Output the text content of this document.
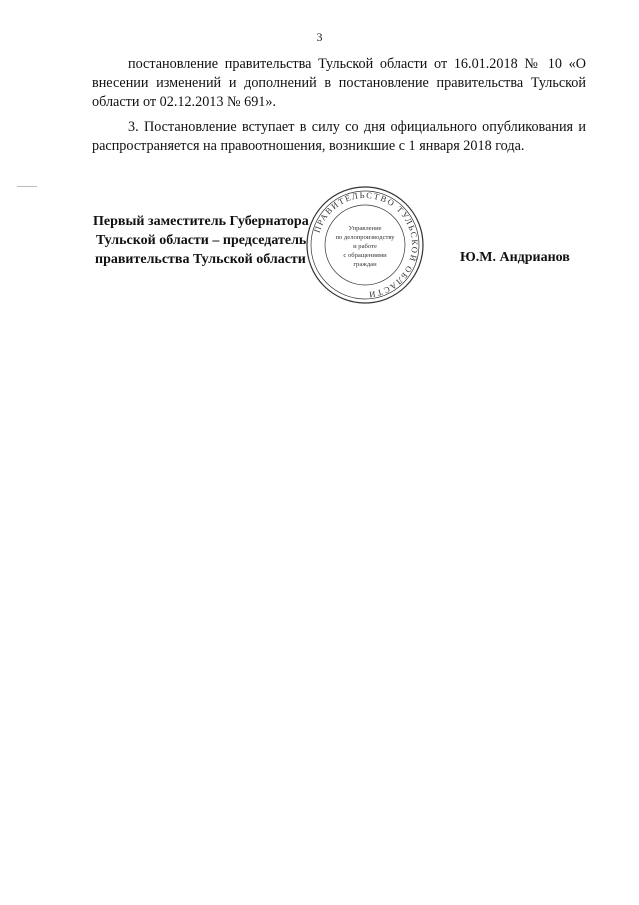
3

постановление правительства Тульской области от 16.01.2018 № 10 «О внесении изменений и дополнений в постановление правительства Тульской области от 02.12.2013 № 691».

3. Постановление вступает в силу со дня официального опубликования и распространяется на правоотношения, возникшие с 1 января 2018 года.

Первый заместитель Губернатора
Тульской области – председатель
правительства Тульской области
ПРАВИТЕЛЬСТВО ТУЛЬСКОЙ ОБЛАСТИ
Управление
по делопроизводству
и работе
с обращениями
граждан	Ю.М. Андрианов
